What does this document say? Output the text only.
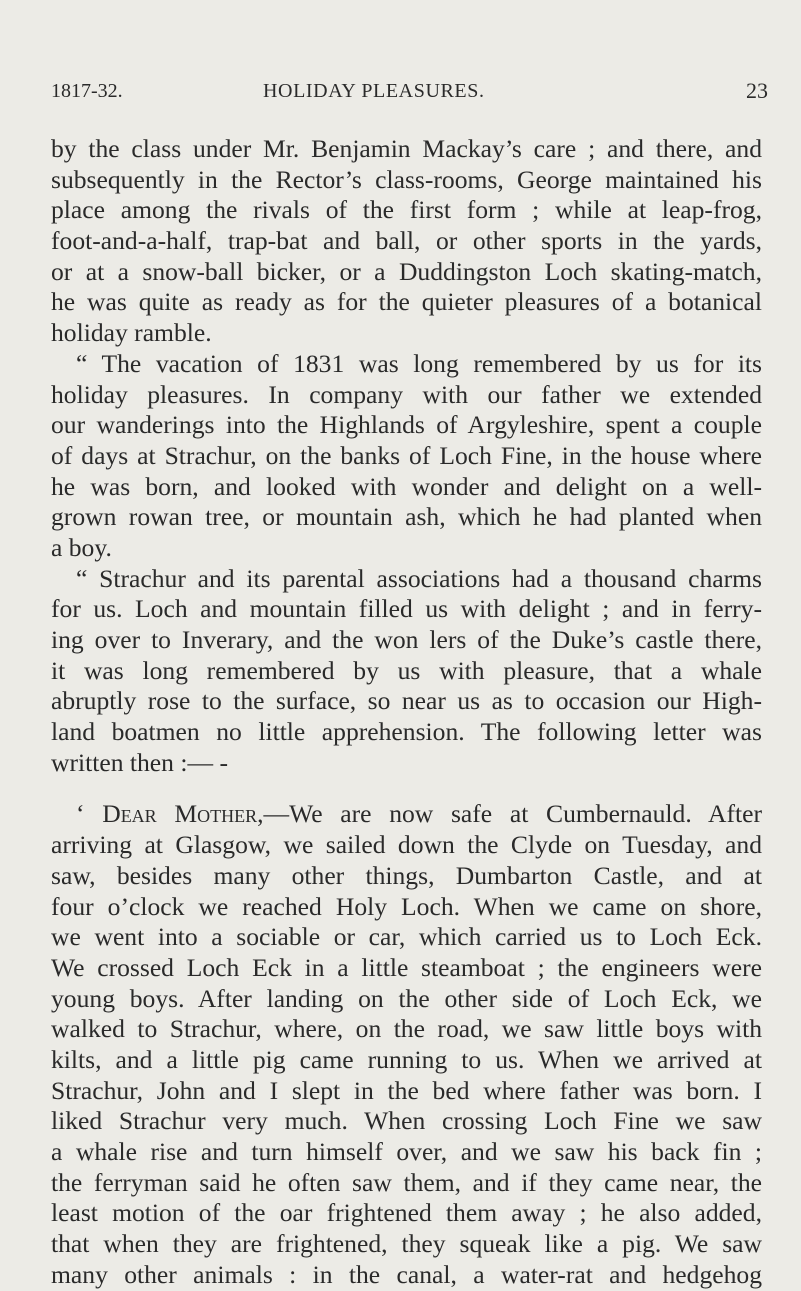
1817-32.	HOLIDAY PLEASURES.	23
by the class under Mr. Benjamin Mackay’s care ; and there, and
subsequently in the Rector’s class-rooms, George maintained his
place among the rivals of the first form ; while at leap-frog,
foot-and-a-half, trap-bat and ball, or other sports in the yards,
or at a snow-ball bicker, or a Duddingston Loch skating-match,
he was quite as ready as for the quieter pleasures of a botanical
holiday ramble.
“ The vacation of 1831 was long remembered by us for its
holiday pleasures. In company with our father we extended
our wanderings into the Highlands of Argyleshire, spent a couple
of days at Strachur, on the banks of Loch Fine, in the house where
he was born, and looked with wonder and delight on a well-
grown rowan tree, or mountain ash, which he had planted when
a boy.
“ Strachur and its parental associations had a thousand charms
for us. Loch and mountain filled us with delight ; and in ferry-
ing over to Inverary, and the won lers of the Duke’s castle there,
it was long remembered by us with pleasure, that a whale
abruptly rose to the surface, so near us as to occasion our High-
land boatmen no little apprehension. The following letter was
written then :— -
‘ Dear Mother,—We are now safe at Cumbernauld. After
arriving at Glasgow, we sailed down the Clyde on Tuesday, and
saw, besides many other things, Dumbarton Castle, and at
four o’clock we reached Holy Loch. When we came on shore,
we went into a sociable or car, which carried us to Loch Eck.
We crossed Loch Eck in a little steamboat ; the engineers were
young boys. After landing on the other side of Loch Eck, we
walked to Strachur, where, on the road, we saw little boys with
kilts, and a little pig came running to us. When we arrived at
Strachur, John and I slept in the bed where father was born. I
liked Strachur very much. When crossing Loch Fine we saw
a whale rise and turn himself over, and we saw his back fin ;
the ferryman said he often saw them, and if they came near, the
least motion of the oar frightened them away ; he also added,
that when they are frightened, they squeak like a pig. We saw
many other animals : in the canal, a water-rat and hedgehog
